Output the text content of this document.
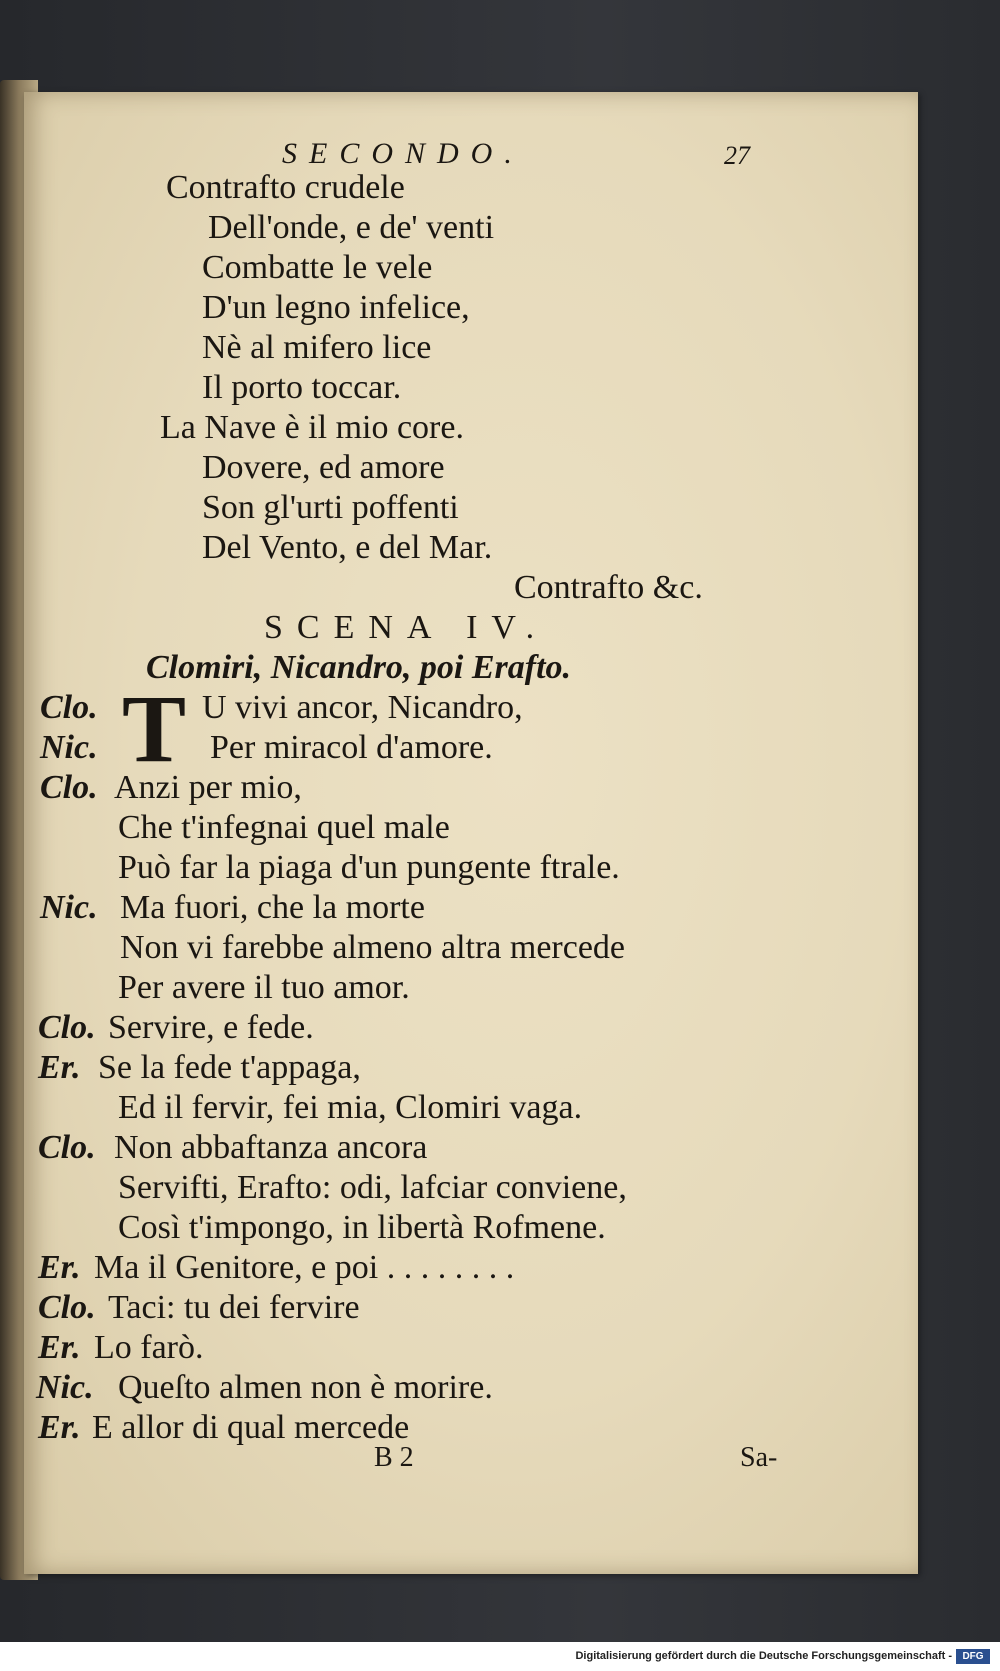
SECONDO.	27
Contrafto crudele
Dell'onde, e de' venti
Combatte le vele
D'un legno infelice,
Nè al mifero lice
Il porto toccar.
La Nave è il mio core.
Dovere, ed amore
Son gl'urti poffenti
Del Vento, e del Mar.
Contrafto &c.
SCENA IV.
Clomiri, Nicandro, poi Erafto.
T
Clo.	U vivi ancor, Nicandro,
Nic.	Per miracol d'amore.
Clo. Anzi per mio,
Che t'infegnai quel male
Può far la piaga d'un pungente ftrale.
Nic. Ma fuori, che la morte
Non vi farebbe almeno altra mercede
Per avere il tuo amor.
Clo. Servire, e fede.
Er. Se la fede t'appaga,
Ed il fervir, fei mia, Clomiri vaga.
Clo. Non abbaftanza ancora
Servifti, Erafto: odi, lafciar conviene,
Così t'impongo, in libertà Rofmene.
Er. Ma il Genitore, e poi . . . . . . . .
Clo. Taci: tu dei fervire
Er. Lo farò.
Nic. Queſto almen non è morire.
Er. E allor di qual mercede
B 2	Sa-
Digitalisierung gefördert durch die Deutsche Forschungsgemeinschaft -	DFG
